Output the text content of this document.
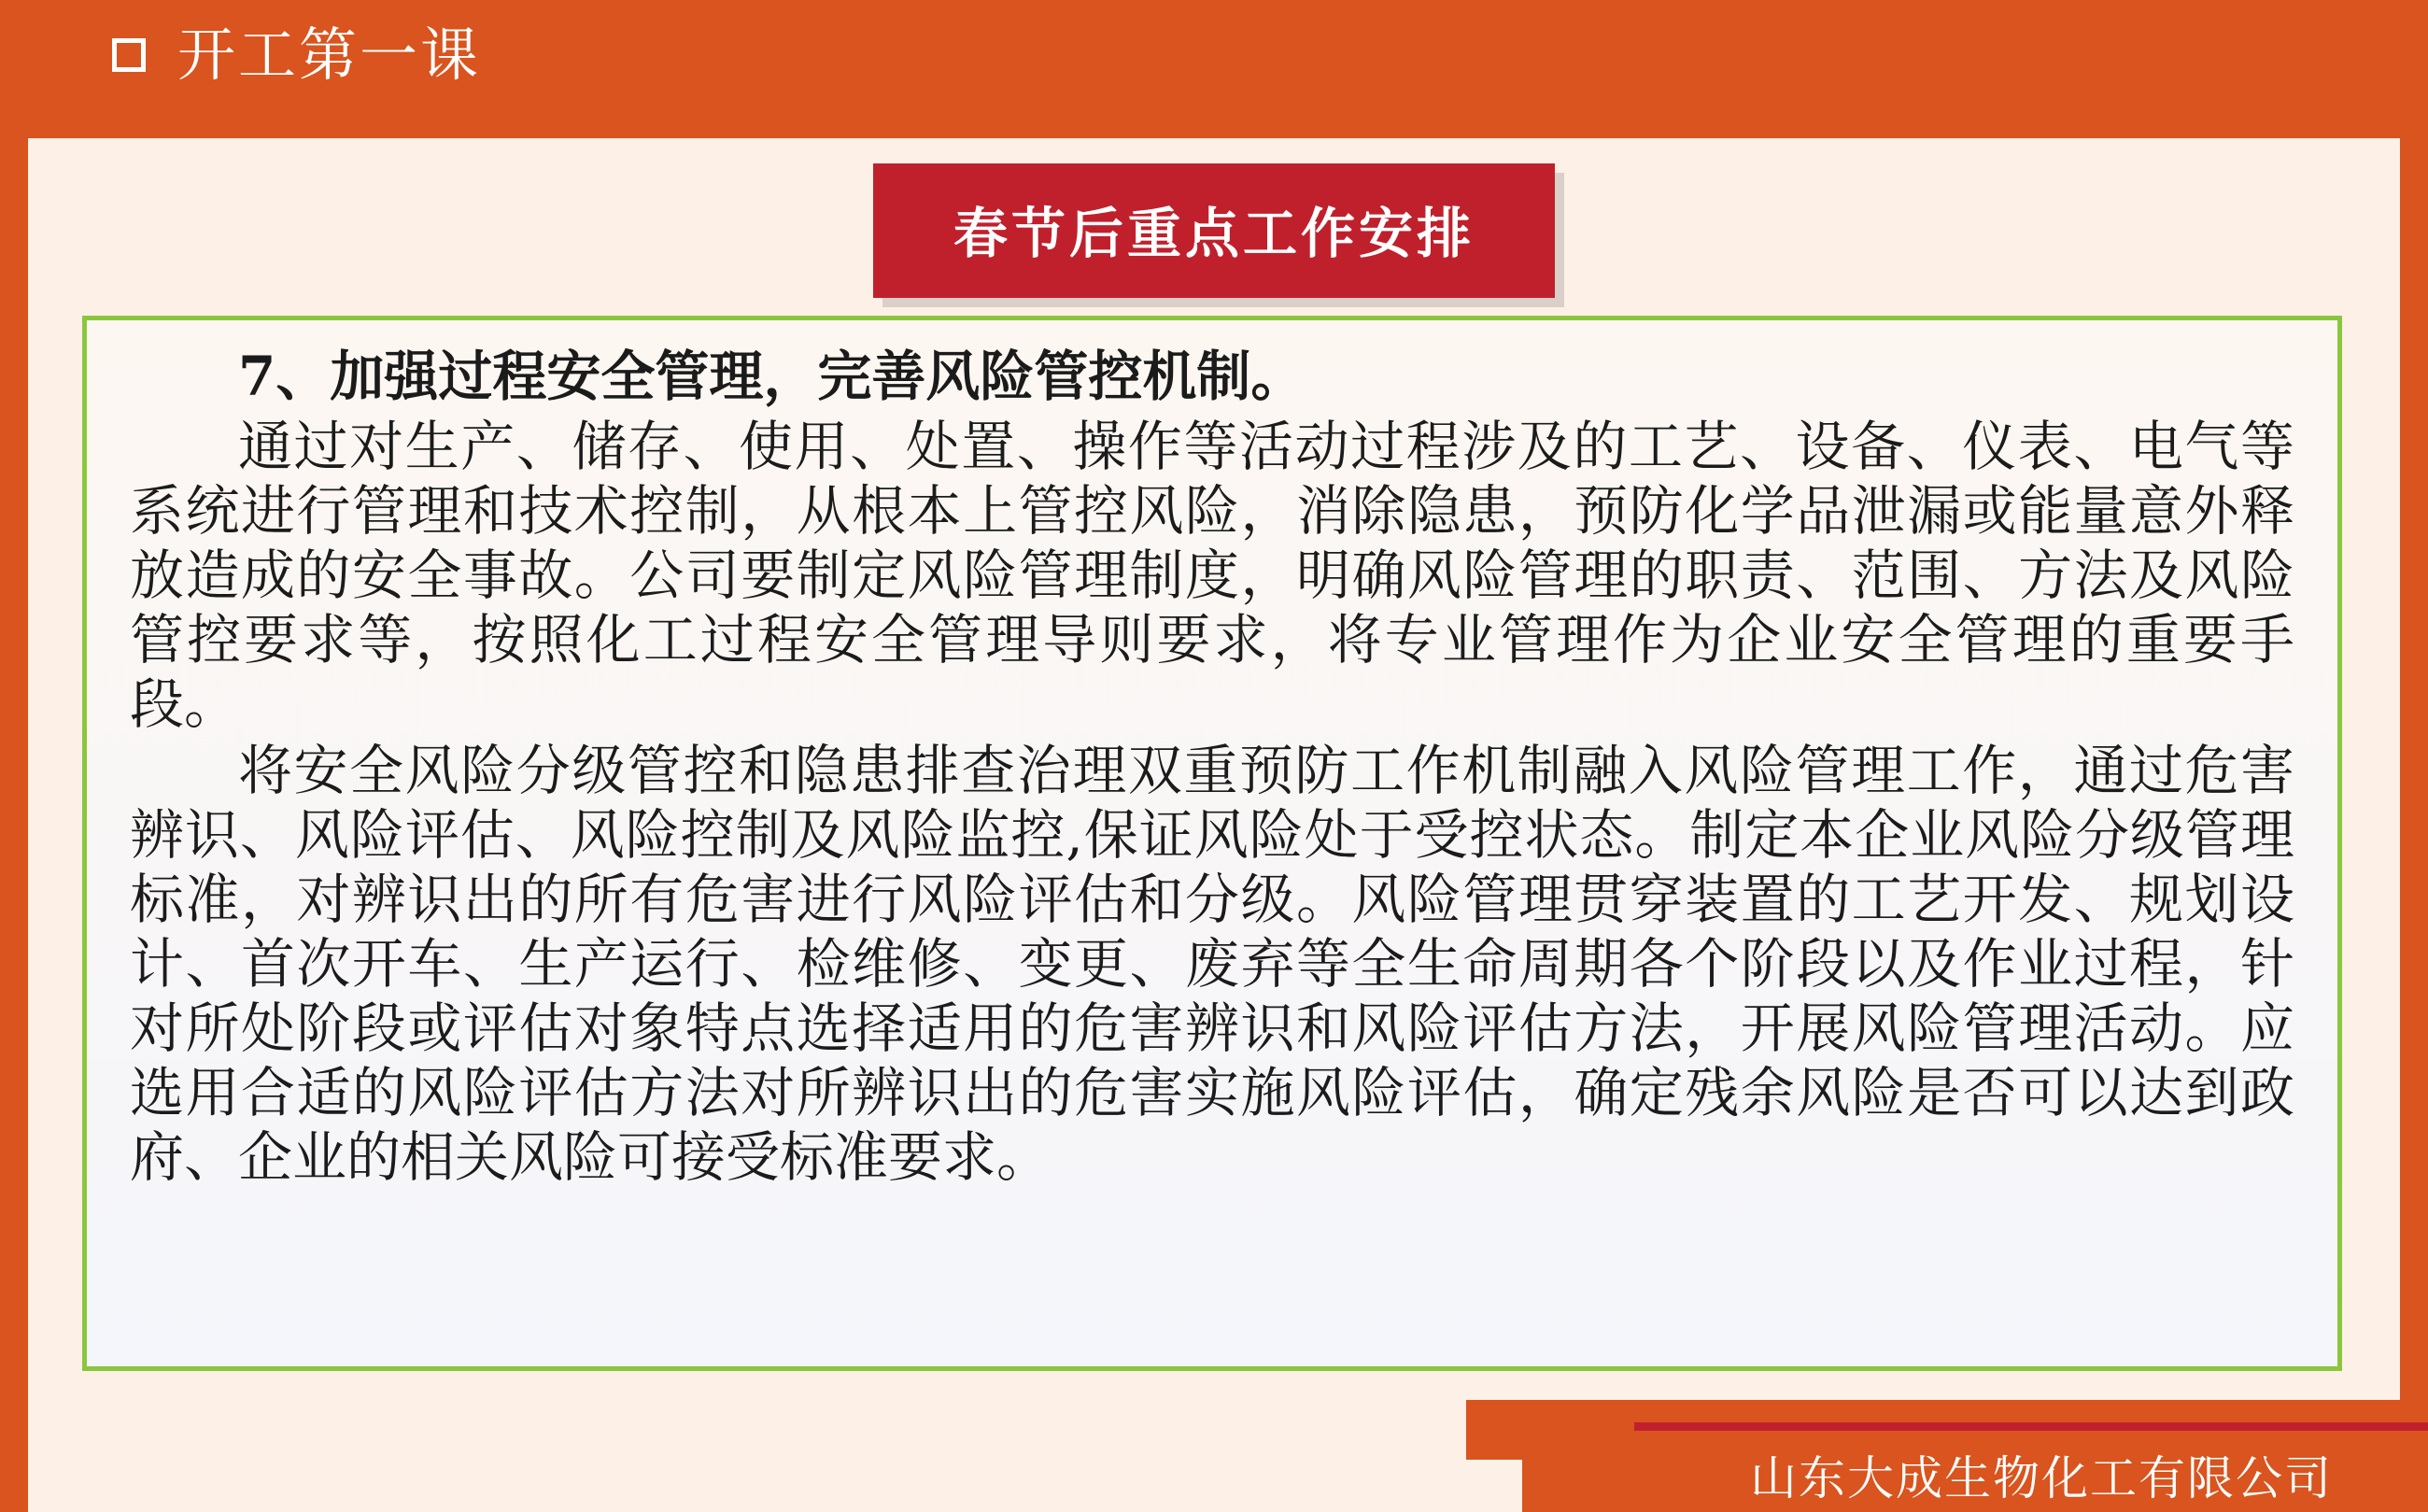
开工第一课
春节后重点工作安排

7、加强过程安全管理，完善风险管控机制。

通过对生产、储存、使用、处置、操作等活动过程涉及的工艺、设备、仪表、电气等系统进行管理和技术控制，从根本上管控风险，消除隐患，预防化学品泄漏或能量意外释放造成的安全事故。公司要制定风险管理制度，明确风险管理的职责、范围、方法及风险管控要求等，按照化工过程安全管理导则要求，将专业管理作为企业安全管理的重要手段。

将安全风险分级管控和隐患排查治理双重预防工作机制融入风险管理工作，通过危害辨识、风险评估、风险控制及风险监控,保证风险处于受控状态。制定本企业风险分级管理标准，对辨识出的所有危害进行风险评估和分级。风险管理贯穿装置的工艺开发、规划设计、首次开车、生产运行、检维修、变更、废弃等全生命周期各个阶段以及作业过程，针对所处阶段或评估对象特点选择适用的危害辨识和风险评估方法，开展风险管理活动。应选用合适的风险评估方法对所辨识出的危害实施风险评估，确定残余风险是否可以达到政府、企业的相关风险可接受标准要求。

山东大成生物化工有限公司
